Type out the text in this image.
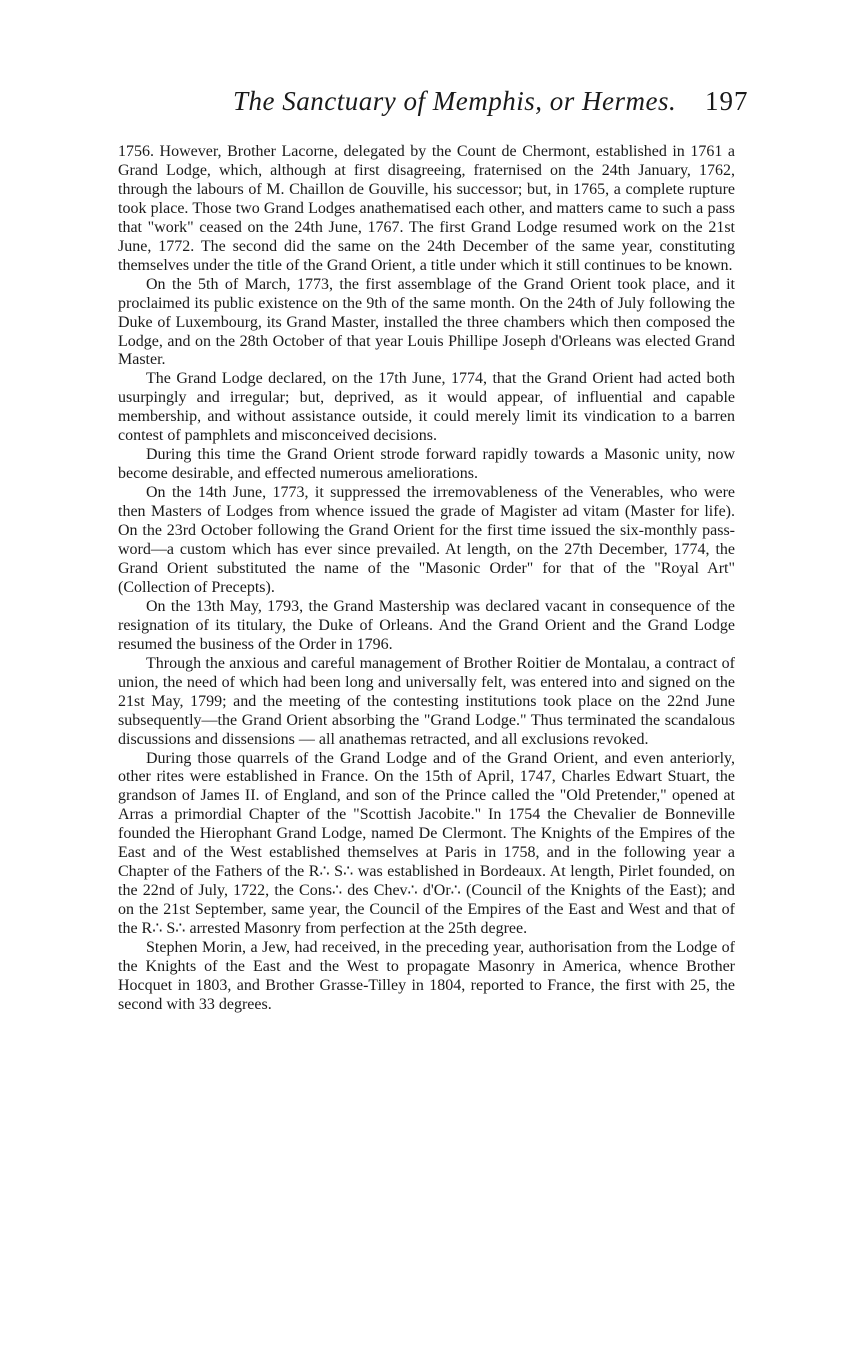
The Sanctuary of Memphis, or Hermes. 197

1756. However, Brother Lacorne, delegated by the Count de Chermont, established in 1761 a Grand Lodge, which, although at first disagreeing, fraternised on the 24th January, 1762, through the labours of M. Chaillon de Gouville, his successor; but, in 1765, a complete rupture took place. Those two Grand Lodges anathematised each other, and matters came to such a pass that "work" ceased on the 24th June, 1767. The first Grand Lodge resumed work on the 21st June, 1772. The second did the same on the 24th December of the same year, constituting themselves under the title of the Grand Orient, a title under which it still continues to be known.

On the 5th of March, 1773, the first assemblage of the Grand Orient took place, and it proclaimed its public existence on the 9th of the same month. On the 24th of July following the Duke of Luxembourg, its Grand Master, installed the three chambers which then composed the Lodge, and on the 28th October of that year Louis Phillipe Joseph d'Orleans was elected Grand Master.

The Grand Lodge declared, on the 17th June, 1774, that the Grand Orient had acted both usurpingly and irregular; but, deprived, as it would appear, of influential and capable membership, and without assistance outside, it could merely limit its vindication to a barren contest of pamphlets and misconceived decisions.

During this time the Grand Orient strode forward rapidly towards a Masonic unity, now become desirable, and effected numerous ameliorations.

On the 14th June, 1773, it suppressed the irremovableness of the Venerables, who were then Masters of Lodges from whence issued the grade of Magister ad vitam (Master for life). On the 23rd October following the Grand Orient for the first time issued the six-monthly pass-word—a custom which has ever since prevailed. At length, on the 27th December, 1774, the Grand Orient substituted the name of the "Masonic Order" for that of the "Royal Art" (Collection of Precepts).

On the 13th May, 1793, the Grand Mastership was declared vacant in consequence of the resignation of its titulary, the Duke of Orleans. And the Grand Orient and the Grand Lodge resumed the business of the Order in 1796.

Through the anxious and careful management of Brother Roitier de Montalau, a contract of union, the need of which had been long and universally felt, was entered into and signed on the 21st May, 1799; and the meeting of the contesting institutions took place on the 22nd June subsequently—the Grand Orient absorbing the "Grand Lodge." Thus terminated the scandalous discussions and dissensions — all anathemas retracted, and all exclusions revoked.

During those quarrels of the Grand Lodge and of the Grand Orient, and even anteriorly, other rites were established in France. On the 15th of April, 1747, Charles Edwart Stuart, the grandson of James II. of England, and son of the Prince called the "Old Pretender," opened at Arras a primordial Chapter of the "Scottish Jacobite." In 1754 the Chevalier de Bonneville founded the Hierophant Grand Lodge, named De Clermont. The Knights of the Empires of the East and of the West established themselves at Paris in 1758, and in the following year a Chapter of the Fathers of the R∴ S∴ was established in Bordeaux. At length, Pirlet founded, on the 22nd of July, 1722, the Cons∴ des Chev∴ d'Or∴ (Council of the Knights of the East); and on the 21st September, same year, the Council of the Empires of the East and West and that of the R∴ S∴ arrested Masonry from perfection at the 25th degree.

Stephen Morin, a Jew, had received, in the preceding year, authorisation from the Lodge of the Knights of the East and the West to propagate Masonry in America, whence Brother Hocquet in 1803, and Brother Grasse-Tilley in 1804, reported to France, the first with 25, the second with 33 degrees.
